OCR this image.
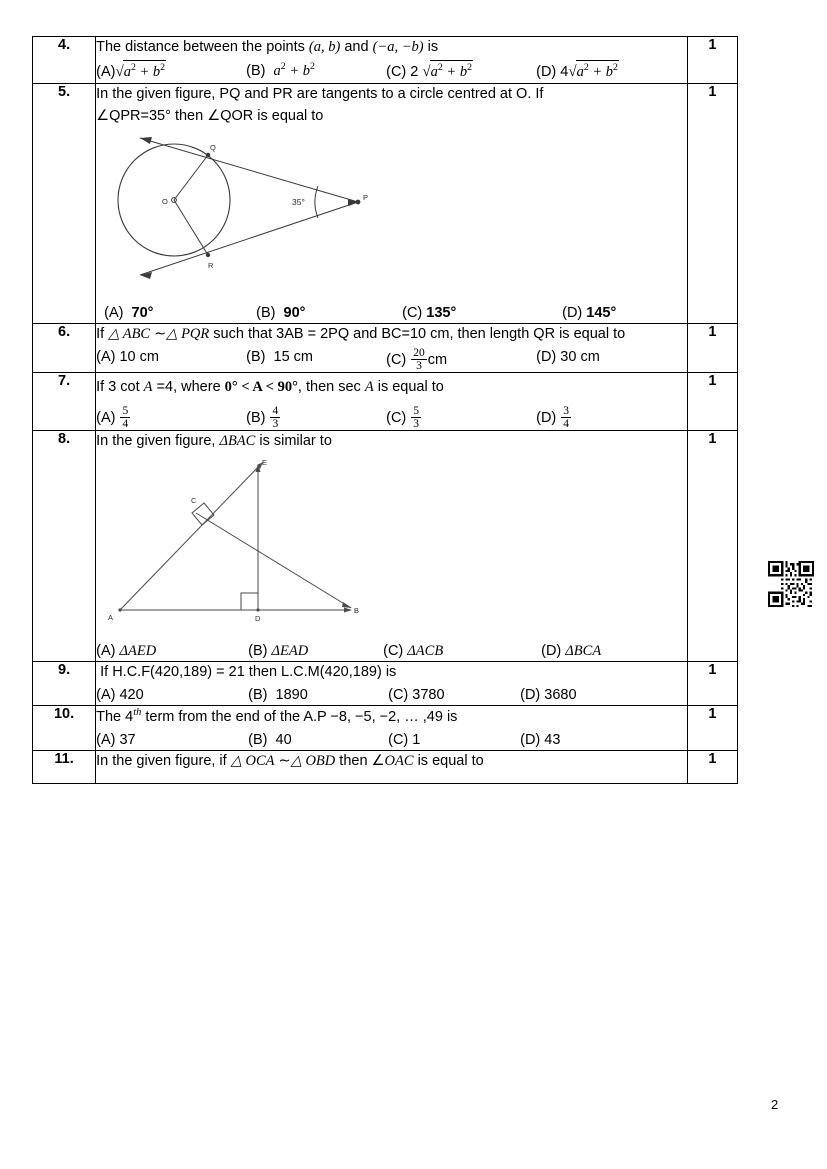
4.	The distance between the points (a, b) and (−a, −b) is
$(A)√a^2 + b^2$ (B) $a^2 + b^2$ (C) 2 $√a^2 + b^2$ (D) $4√a^2 + b^2$	1
5.	In the given figure, PQ and PR are tangents to a circle centred at O. If
∠QPR=35° then ∠QOR is equal to
Q
R
O	P
35°
(A) 70°	(B) 90°	(C) 135°	(D) 145°
	1
6.	If △ ABC ∼△ PQR such that 3AB = 2PQ and BC=10 cm, then length QR is equal to
(A) 10 cm	(B) 15 cm	$(C) \frac{20}{3}$ cm	(D) 30 cm
	1
7.	If 3 cot A =4, where 0° < A < 90°, then sec A is equal to
$(A) \frac{5}{4}$	$(B) \frac{4}{3}$	$(C) \frac{5}{3}$	$(D) \frac{3}{4}$
	1
8.	In the given figure, ΔBAC is similar to
A
B
C
D
E
(A) ΔAED	(B) ΔEAD	(C) ΔACB	(D) ΔBCA
	1
9.	If H.C.F(420,189) = 21 then L.C.M(420,189) is
(A) 420 (B) 1890 (C) 3780 (D) 3680	1
10.	The 4th term from the end of the A.P −8, −5, −2, … ,49 is
(A) 37 (B) 40 (C) 1 (D) 43	1
11.	In the given figure, if △ OCA ∼△ OBD then ∠OAC is equal to	1
2
